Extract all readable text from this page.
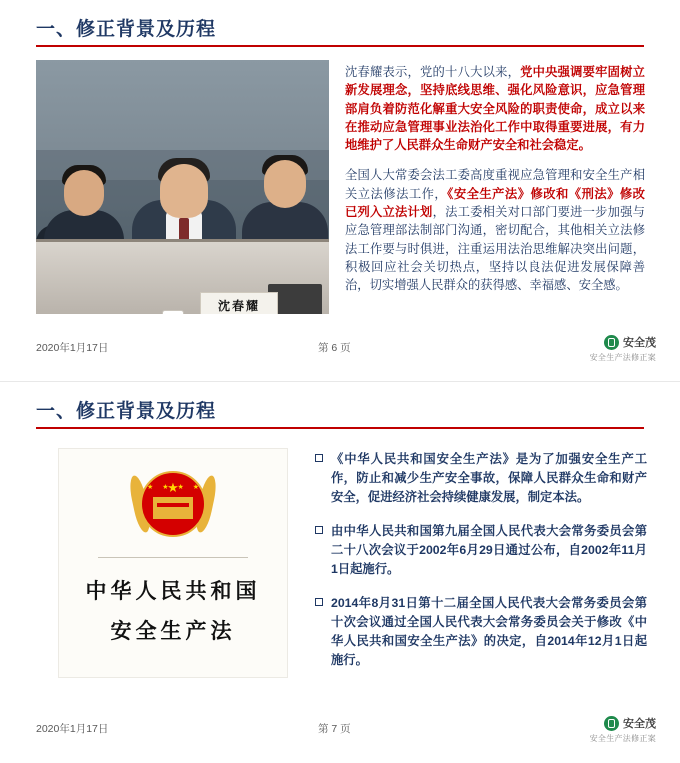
一、修正背景及历程
沈春耀

沈春耀表示，党的十八大以来，党中央强调要牢固树立新发展理念，坚持底线思维、强化风险意识，应急管理部肩负着防范化解重大安全风险的职责使命，成立以来在推动应急管理事业法治化工作中取得重要进展，有力地维护了人民群众生命财产安全和社会稳定。

全国人大常委会法工委高度重视应急管理和安全生产相关立法修法工作，《安全生产法》修改和《刑法》修改已列入立法计划，法工委相关对口部门要进一步加强与应急管理部法制部门沟通，密切配合，其他相关立法修法工作要与时俱进，注重运用法治思维解决突出问题，积极回应社会关切热点，坚持以良法促进发展保障善治，切实增强人民群众的获得感、幸福感、安全感。

2020年1月17日	第 6 页	安全茂
安全生产法修正案
一、修正背景及历程
★
★ ★ ★ ★
中华人民共和国
安全生产法
《中华人民共和国安全生产法》是为了加强安全生产工作，防止和减少生产安全事故，保障人民群众生命和财产安全，促进经济社会持续健康发展，制定本法。
由中华人民共和国第九届全国人民代表大会常务委员会第二十八次会议于2002年6月29日通过公布，自2002年11月1日起施行。
2014年8月31日第十二届全国人民代表大会常务委员会第十次会议通过全国人民代表大会常务委员会关于修改《中华人民共和国安全生产法》的决定，自2014年12月1日起施行。
2020年1月17日	第 7 页	安全茂
安全生产法修正案
